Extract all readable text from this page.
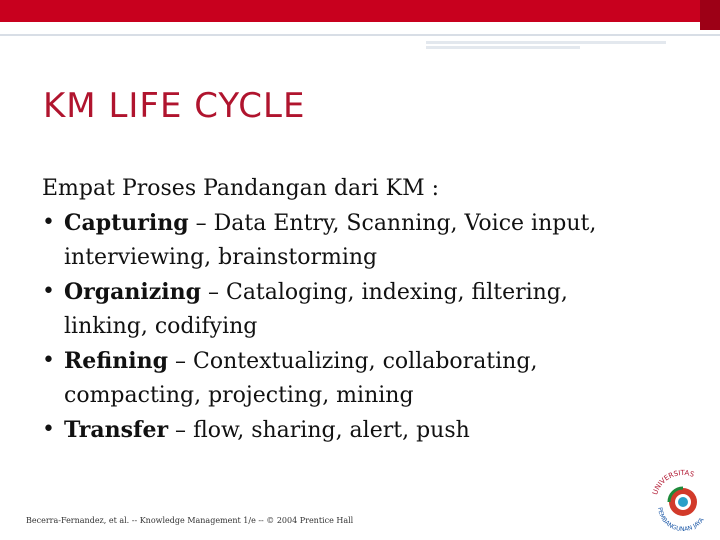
KM LIFE CYCLE
Empat Proses Pandangan dari KM :
• Capturing – Data Entry, Scanning, Voice input,
interviewing, brainstorming
• Organizing – Cataloging, indexing, filtering,
linking, codifying
• Refining – Contextualizing, collaborating,
compacting, projecting, mining
• Transfer – flow, sharing, alert, push
Becerra-Fernandez, et al. -- Knowledge Management 1/e -- © 2004 Prentice Hall
UNIVERSITAS
PEMBANGUNAN JAYA
